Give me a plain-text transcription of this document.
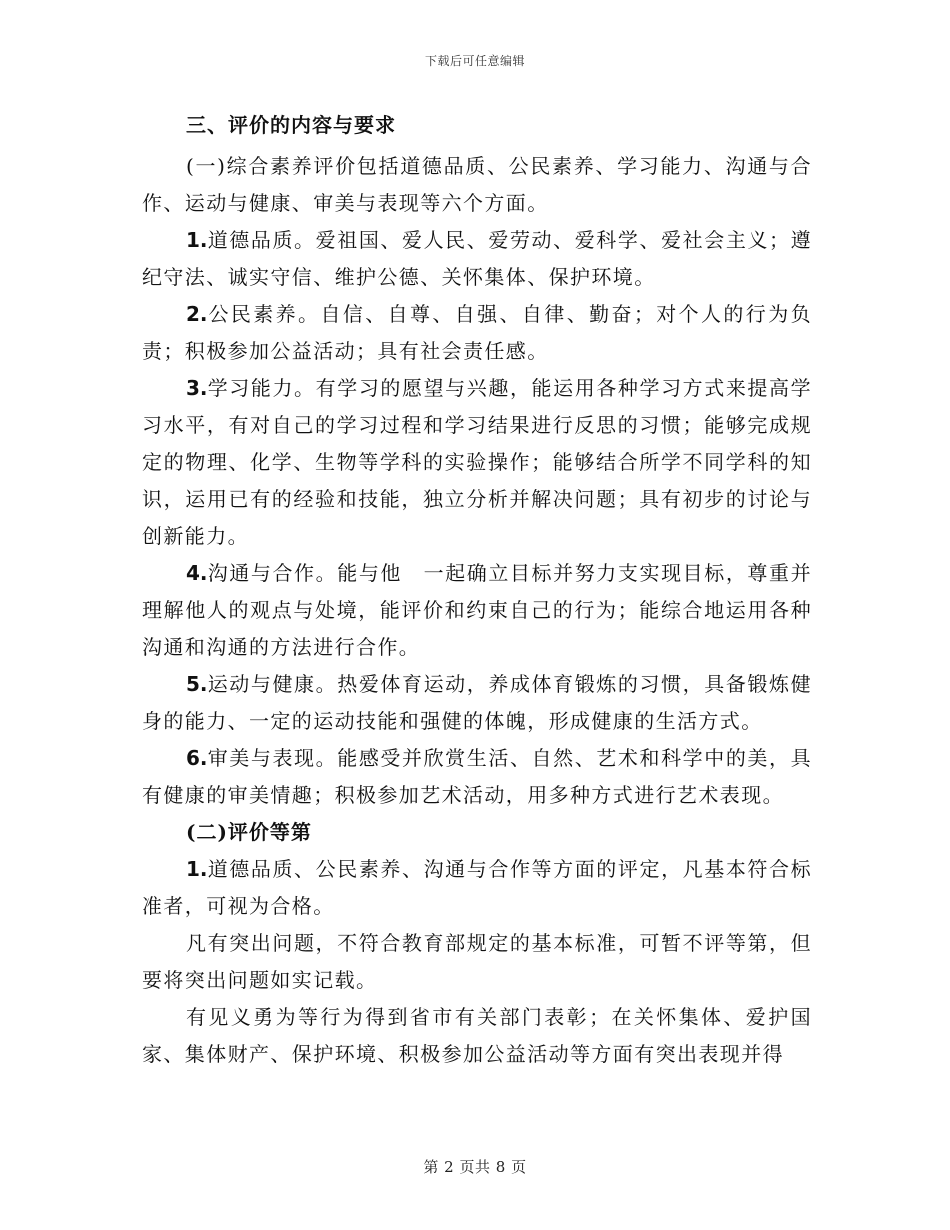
下载后可任意编辑
三、评价的内容与要求

(一)综合素养评价包括道德品质、公民素养、学习能力、沟通与合作、运动与健康、审美与表现等六个方面。

1.道德品质。爱祖国、爱人民、爱劳动、爱科学、爱社会主义；遵纪守法、诚实守信、维护公德、关怀集体、保护环境。

2.公民素养。自信、自尊、自强、自律、勤奋；对个人的行为负责；积极参加公益活动；具有社会责任感。

3.学习能力。有学习的愿望与兴趣，能运用各种学习方式来提高学习水平，有对自己的学习过程和学习结果进行反思的习惯；能够完成规定的物理、化学、生物等学科的实验操作；能够结合所学不同学科的知识，运用已有的经验和技能，独立分析并解决问题；具有初步的讨论与创新能力。

4.沟通与合作。能与他　一起确立目标并努力支实现目标，尊重并理解他人的观点与处境，能评价和约束自己的行为；能综合地运用各种沟通和沟通的方法进行合作。

5.运动与健康。热爱体育运动，养成体育锻炼的习惯，具备锻炼健身的能力、一定的运动技能和强健的体魄，形成健康的生活方式。

6.审美与表现。能感受并欣赏生活、自然、艺术和科学中的美，具有健康的审美情趣；积极参加艺术活动，用多种方式进行艺术表现。

(二)评价等第

1.道德品质、公民素养、沟通与合作等方面的评定，凡基本符合标准者，可视为合格。

凡有突出问题，不符合教育部规定的基本标准，可暂不评等第，但要将突出问题如实记载。

有见义勇为等行为得到省市有关部门表彰；在关怀集体、爱护国家、集体财产、保护环境、积极参加公益活动等方面有突出表现并得

第 2 页共 8 页
